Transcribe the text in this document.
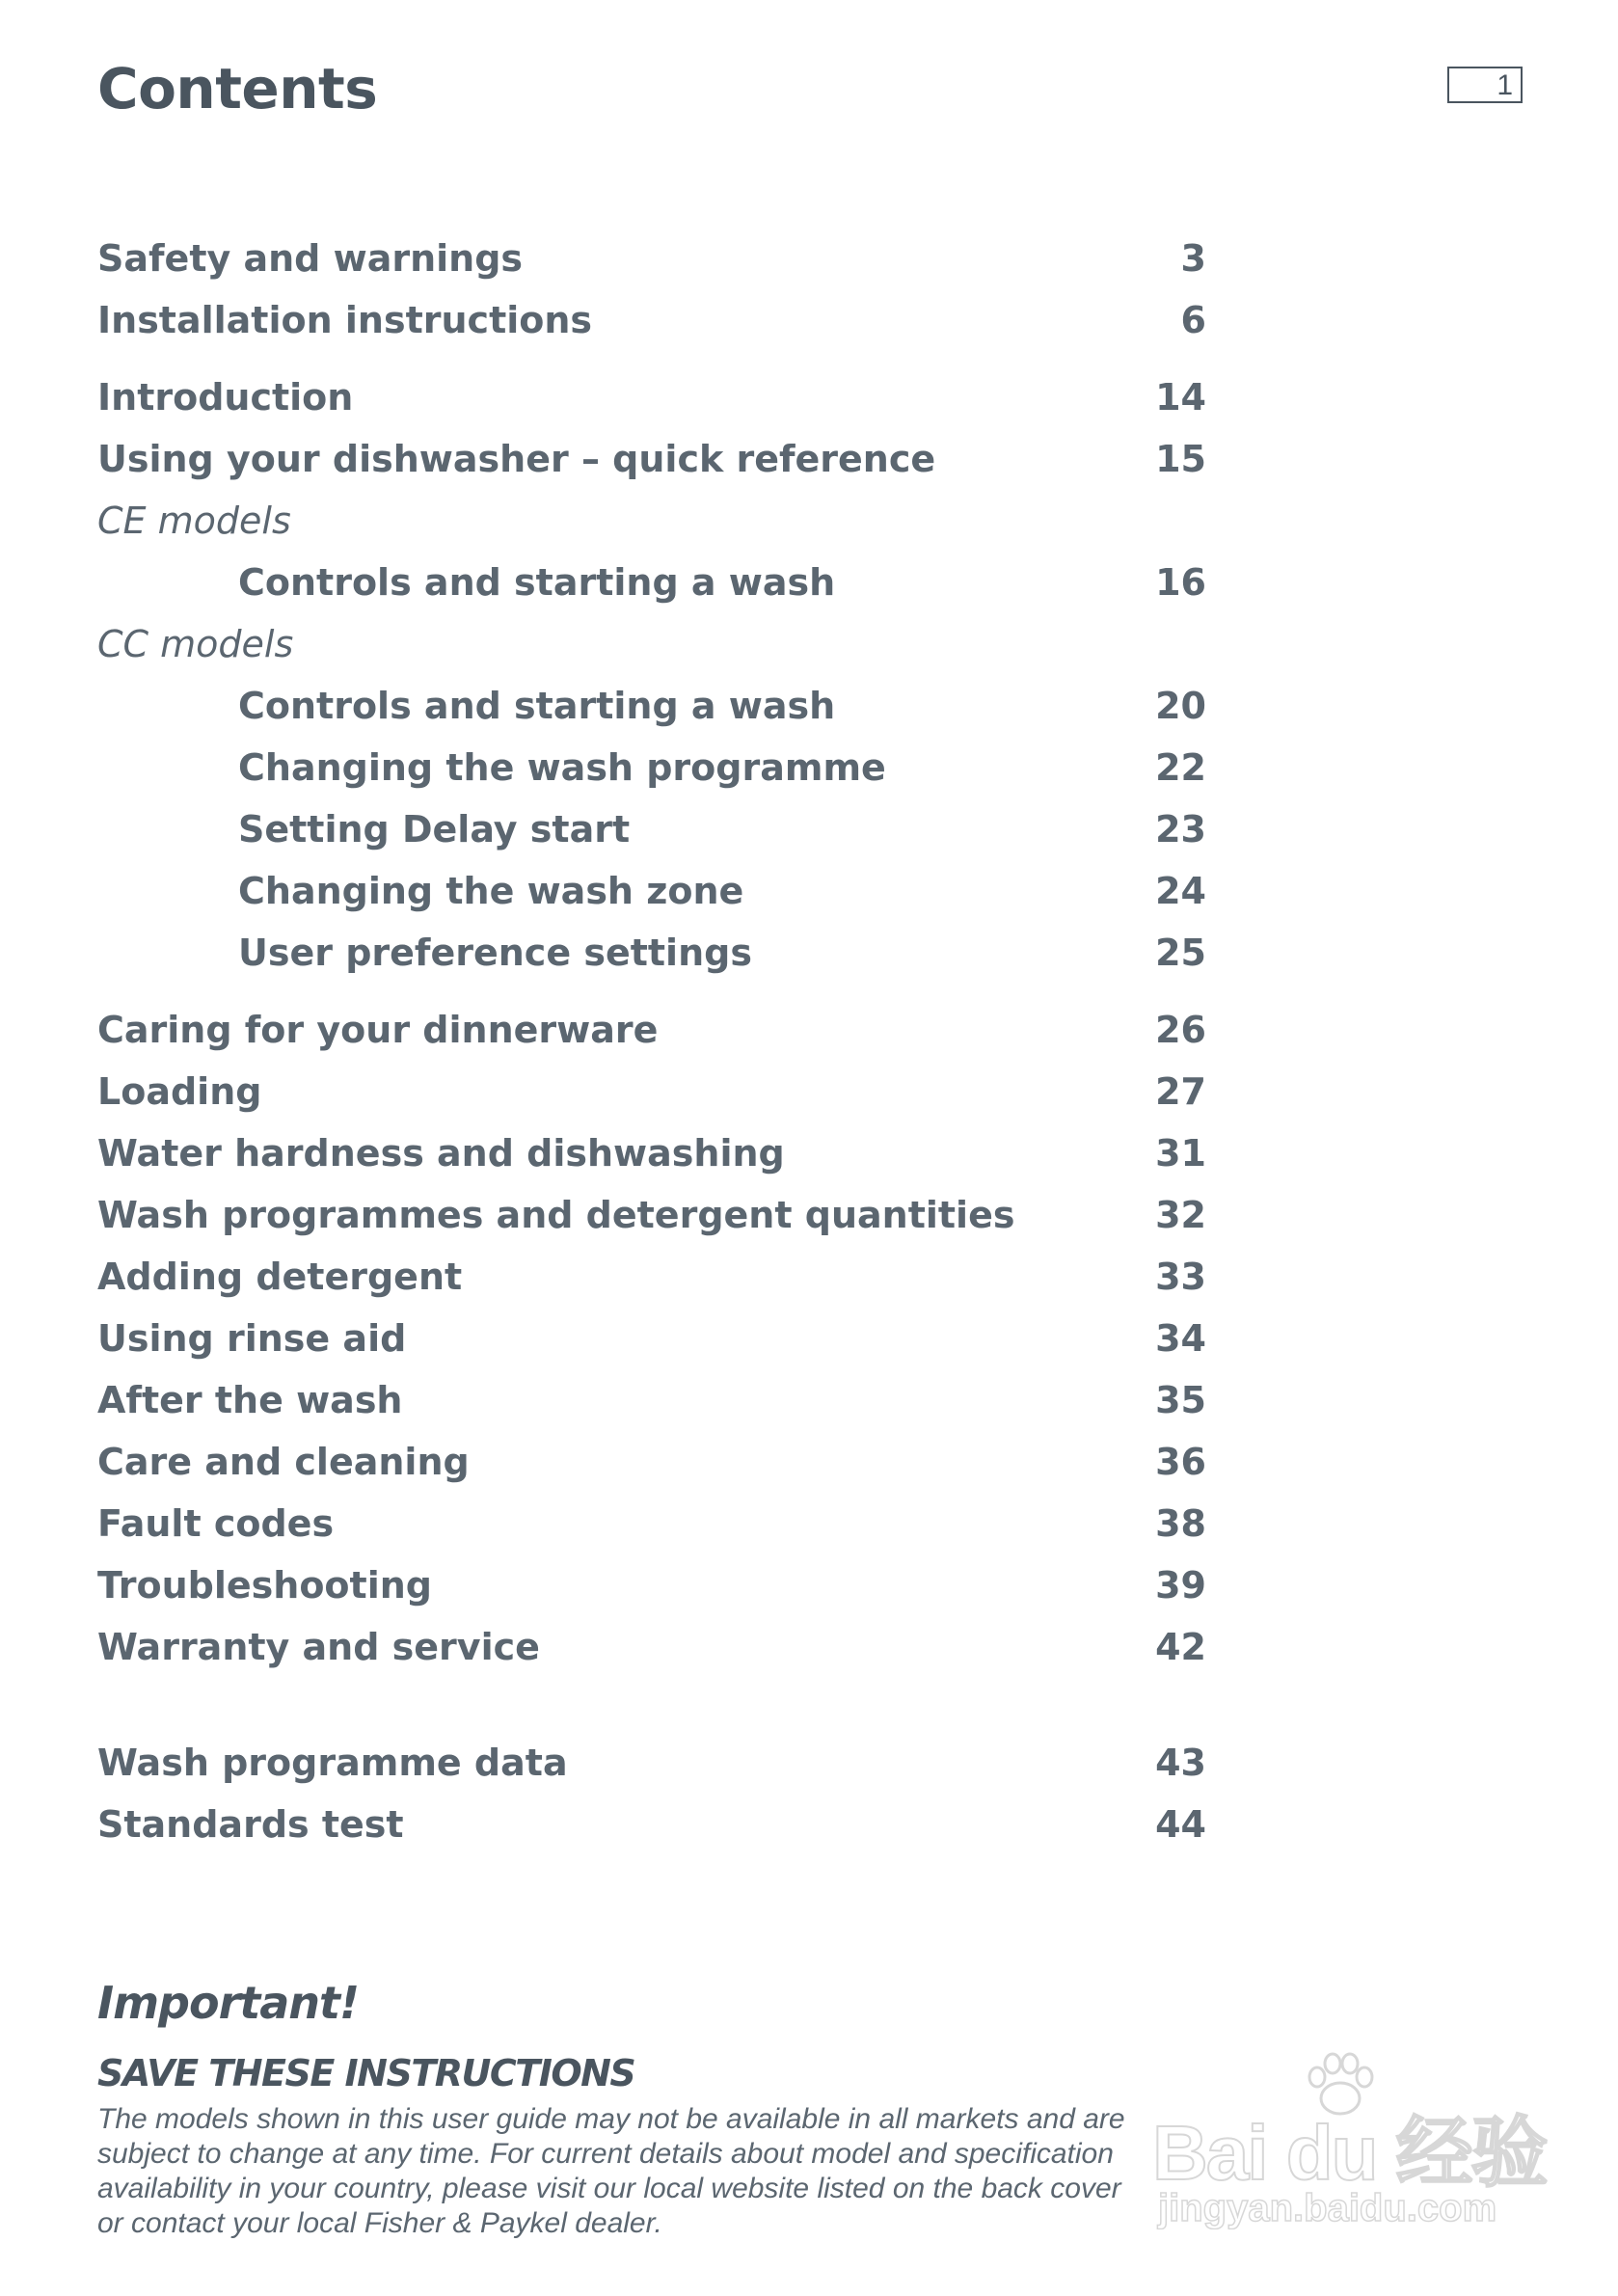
Contents	1
Safety and warnings	3
Installation instructions	6
Introduction	14
Using your dishwasher – quick reference	15
CE models
Controls and starting a wash	16
CC models
Controls and starting a wash	20
Changing the wash programme	22
Setting Delay start	23
Changing the wash zone	24
User preference settings	25
Caring for your dinnerware	26
Loading	27
Water hardness and dishwashing	31
Wash programmes and detergent quantities	32
Adding detergent	33
Using rinse aid	34
After the wash	35
Care and cleaning	36
Fault codes	38
Troubleshooting	39
Warranty and service	42
Wash programme data	43
Standards test	44
Important!
SAVE THESE INSTRUCTIONS
The models shown in this user guide may not be available in all markets and are
subject to change at any time. For current details about model and specification
availability in your country, please visit our local website listed on the back cover
or contact your local Fisher & Paykel dealer.
Bai du 经验
jingyan.baidu.com
